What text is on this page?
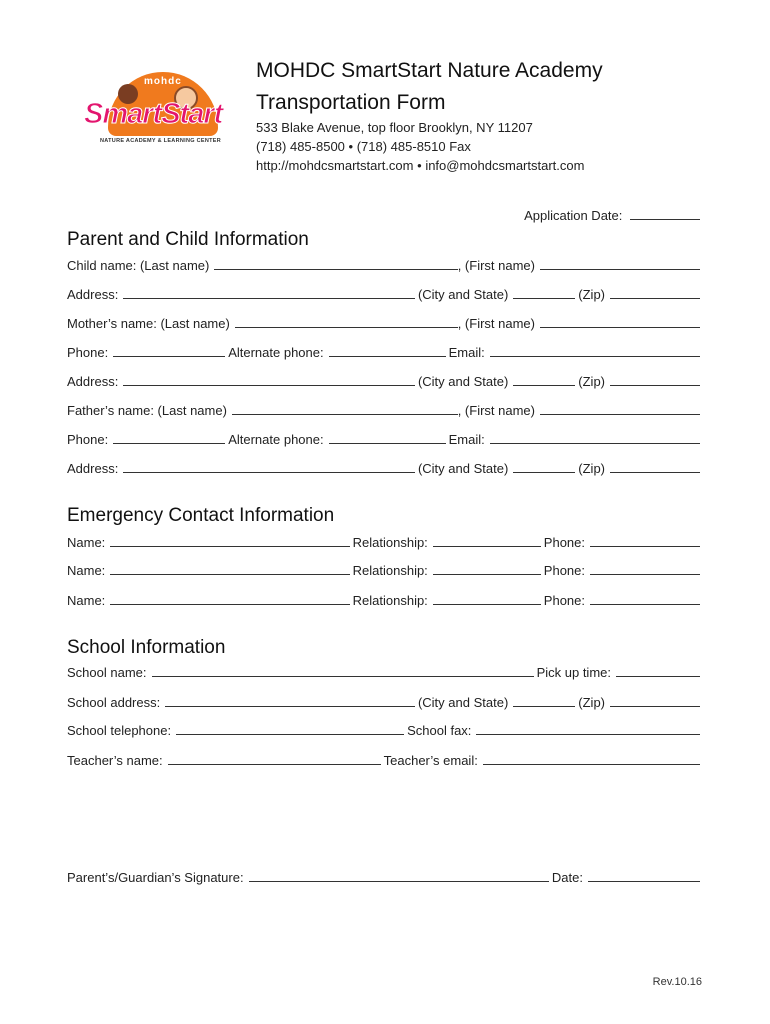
mohdc
SmartStart
NATURE ACADEMY & LEARNING CENTER
MOHDC SmartStart Nature Academy
Transportation Form
533 Blake Avenue, top floor Brooklyn, NY 11207
(718) 485-8500 • (718) 485-8510 Fax
http://mohdcsmartstart.com • info@mohdcsmartstart.com
Application Date:
Parent and Child Information
Child name: (Last name)	, (First name)
Address:	(City and State)	(Zip)
Mother’s name: (Last name)	, (First name)
Phone:	Alternate phone:	Email:
Address:	(City and State)	(Zip)
Father’s name: (Last name)	, (First name)
Phone:	Alternate phone:	Email:
Address:	(City and State)	(Zip)
Emergency Contact Information
Name:	Relationship:	Phone:
Name:	Relationship:	Phone:
Name:	Relationship:	Phone:
School Information
School name:	Pick up time:
School address:	(City and State)	(Zip)
School telephone:	School fax:
Teacher’s name:	Teacher’s email:
Parent’s/Guardian’s Signature:	Date:
Rev.10.16
